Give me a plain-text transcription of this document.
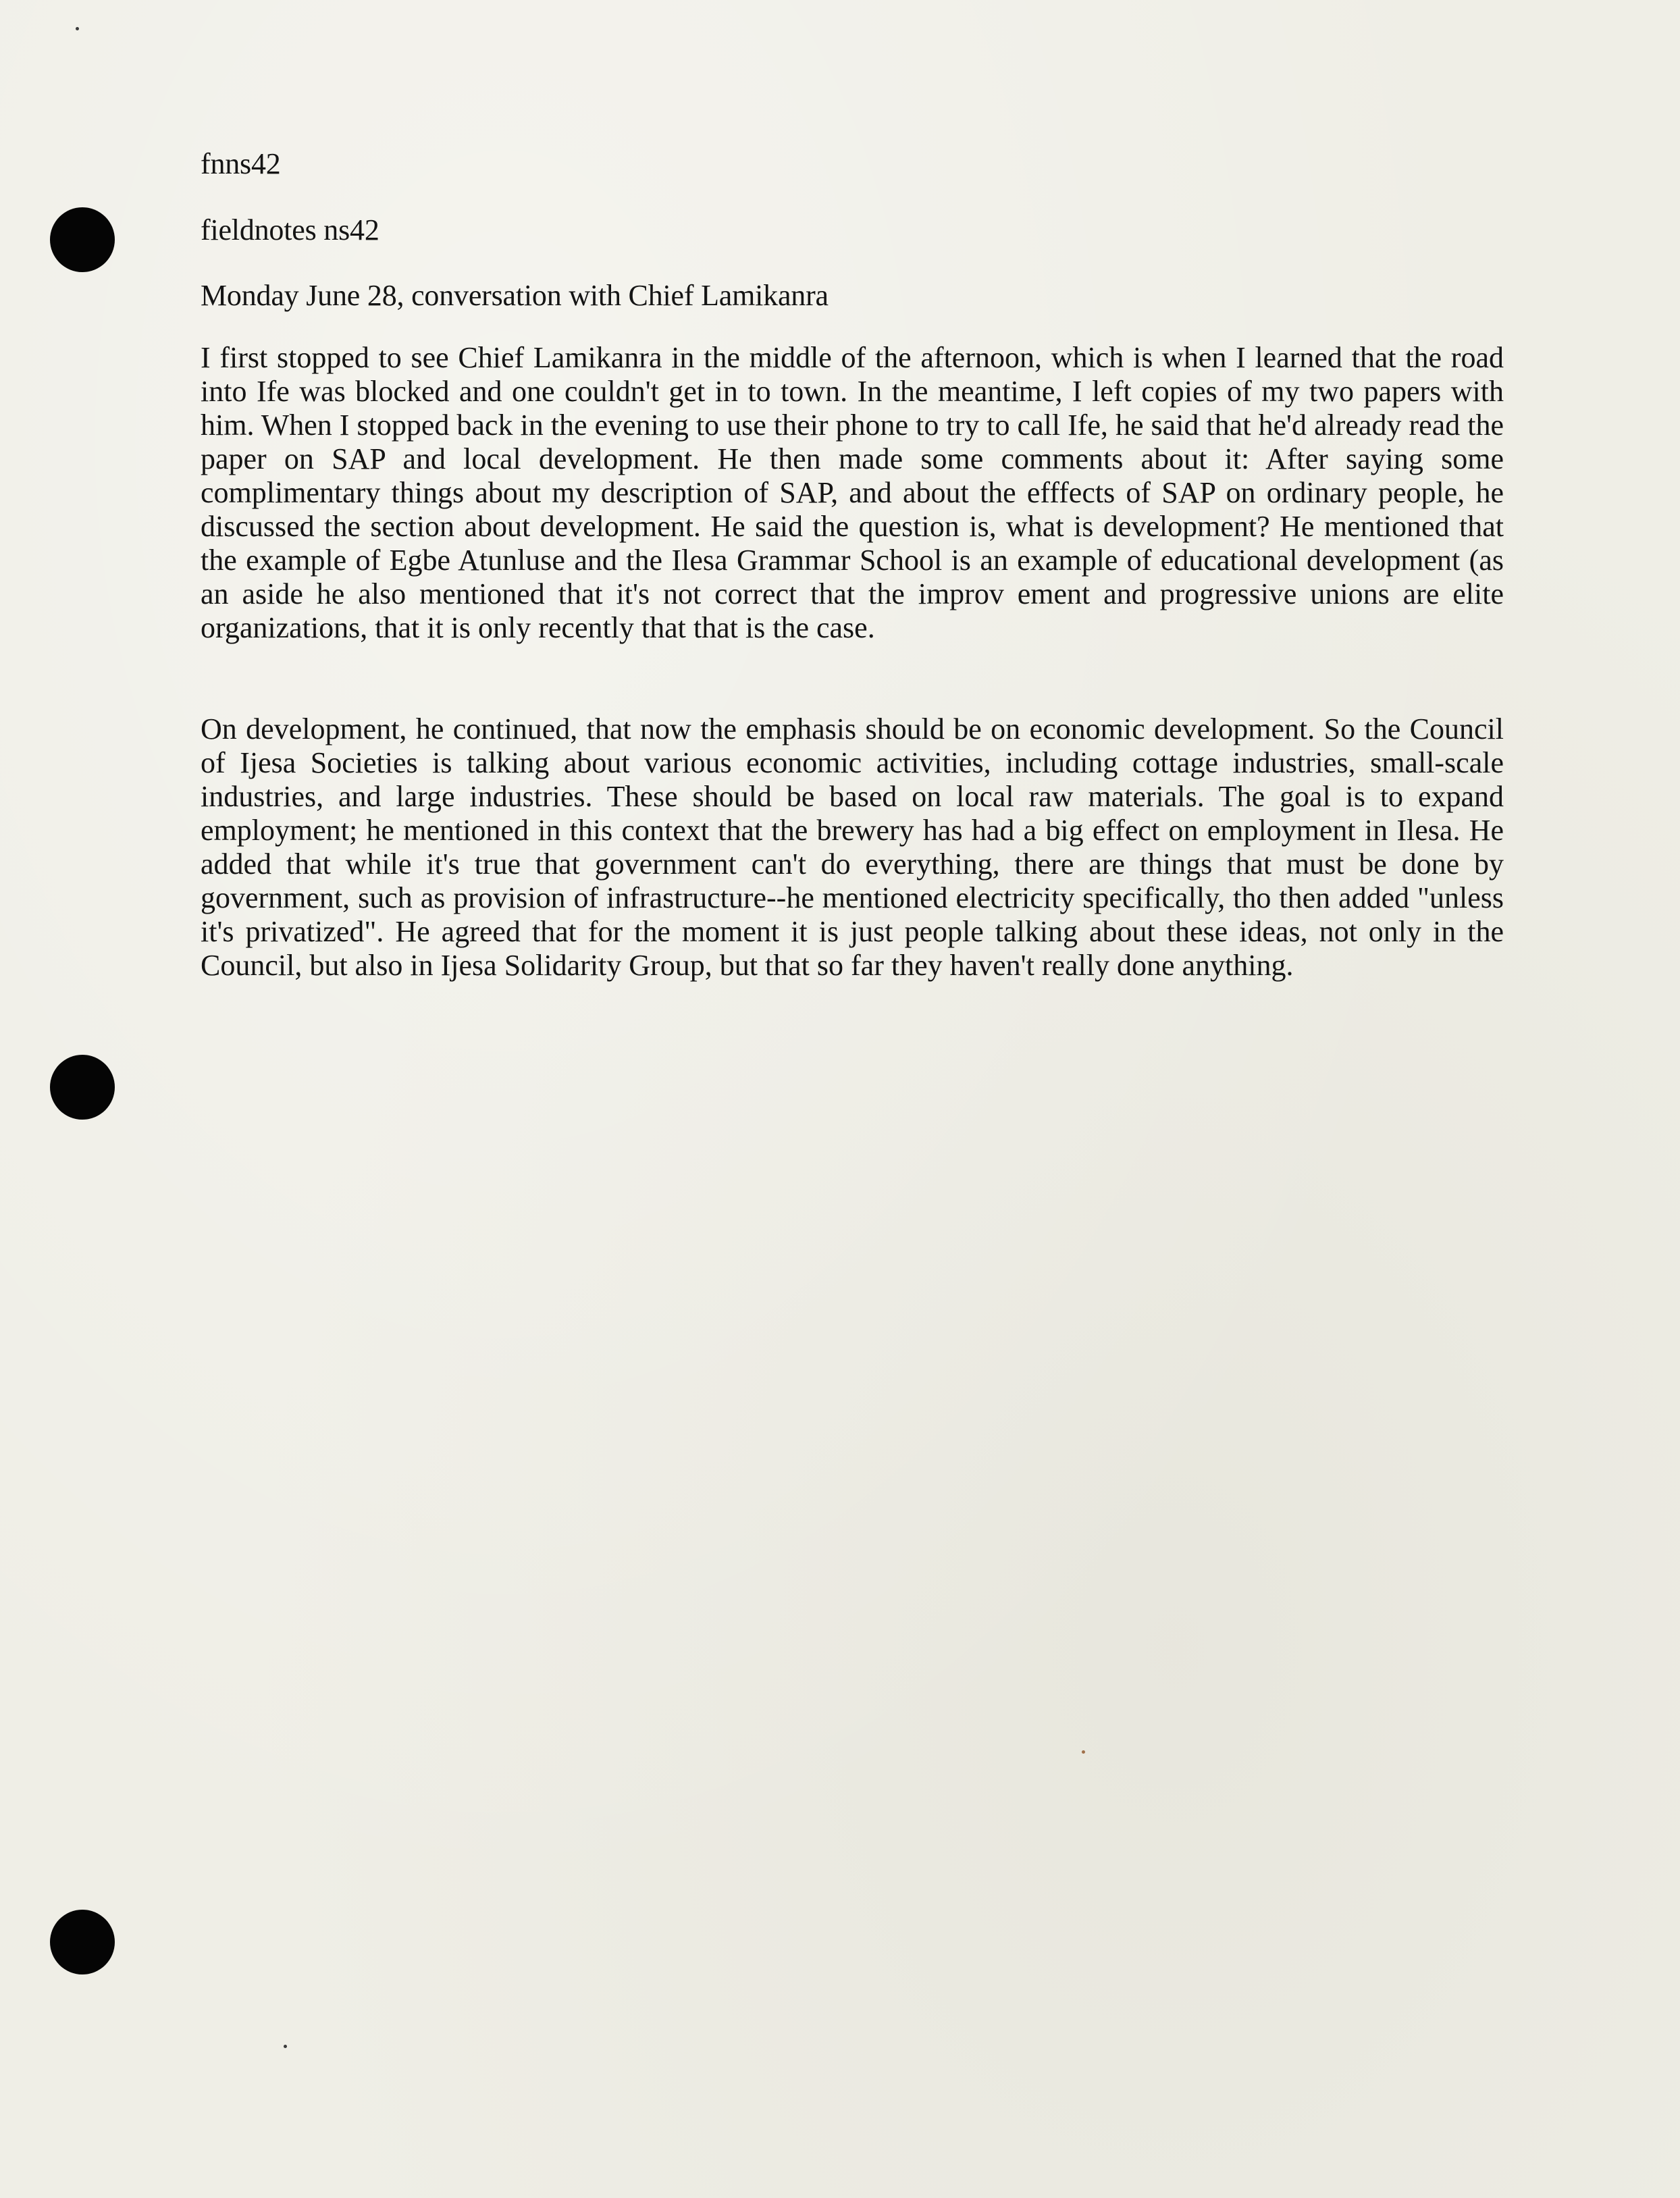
fnns42
fieldnotes ns42
Monday June 28, conversation with Chief Lamikanra
I first stopped to see Chief Lamikanra in the middle of the afternoon, which is when I learned that the road into Ife was blocked and one couldn't get in to town. In the meantime, I left copies of my two papers with him. When I stopped back in the evening to use their phone to try to call Ife, he said that he'd already read the paper on SAP and local development. He then made some comments about it: After saying some complimentary things about my description of SAP, and about the efffects of SAP on ordinary people, he discussed the section about development. He said the question is, what is development? He mentioned that the example of Egbe Atunluse and the Ilesa Grammar School is an example of educational development (as an aside he also mentioned that it's not correct that the improv ement and progressive unions are elite organizations, that it is only recently that that is the case.
On development, he continued, that now the emphasis should be on economic development. So the Council of Ijesa Societies is talking about various economic activities, including cottage industries, small-scale industries, and large industries. These should be based on local raw materials. The goal is to expand employment; he mentioned in this context that the brewery has had a big effect on employment in Ilesa. He added that while it's true that government can't do everything, there are things that must be done by government, such as provision of infrastructure--he mentioned electricity specifically, tho then added "unless it's privatized". He agreed that for the moment it is just people talking about these ideas, not only in the Council, but also in Ijesa Solidarity Group, but that so far they haven't really done anything.
